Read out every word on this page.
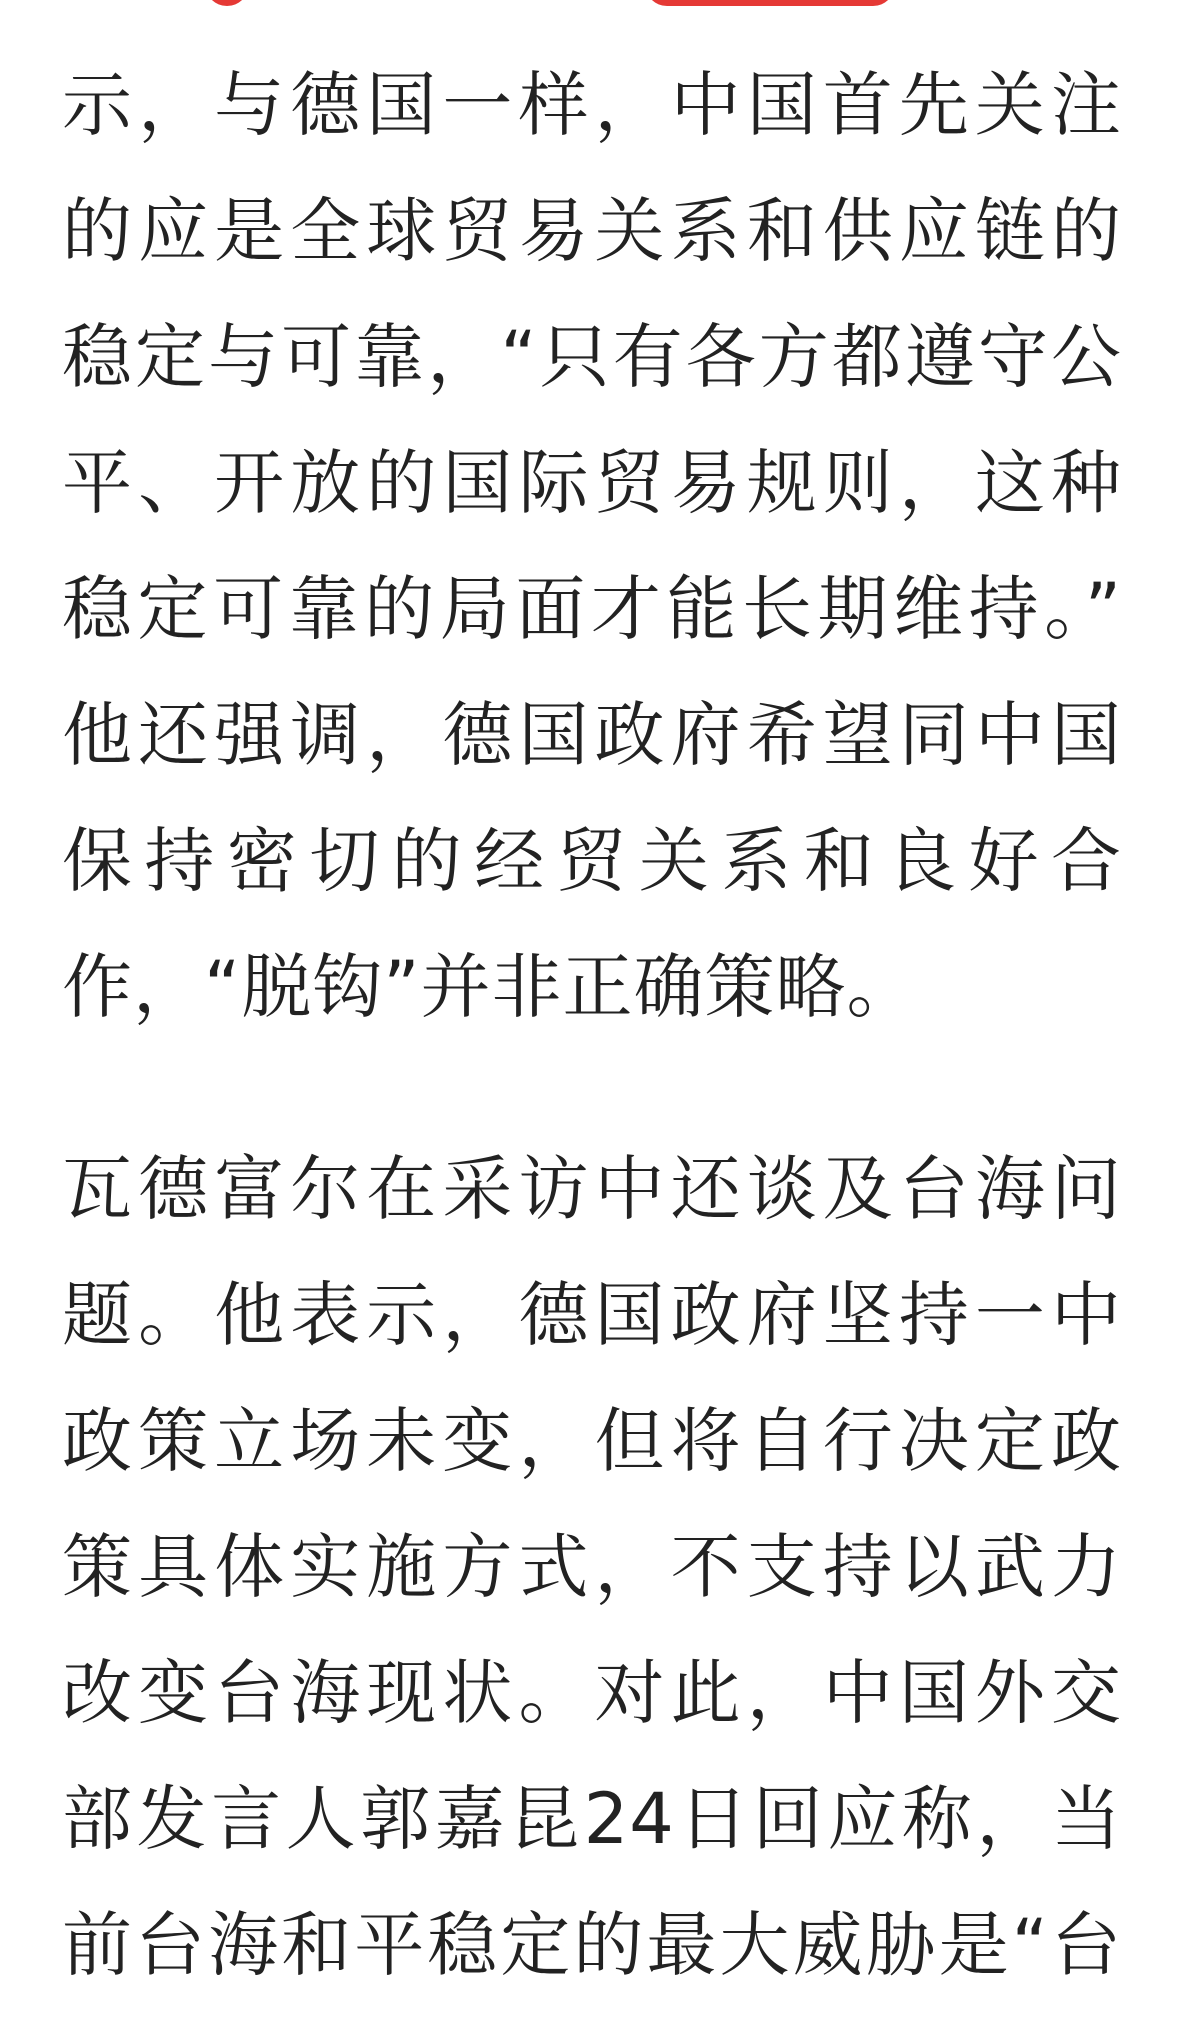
示，与德国一样，中国首先关注
的应是全球贸易关系和供应链的
稳定与可靠，“只有各方都遵守公
平、开放的国际贸易规则，这种
稳定可靠的局面才能长期维持。”
他还强调，德国政府希望同中国
保持密切的经贸关系和良好合
作，“脱钩”并非正确策略。
瓦德富尔在采访中还谈及台海问
题。他表示，德国政府坚持一中
政策立场未变，但将自行决定政
策具体实施方式，不支持以武力
改变台海现状。对此，中国外交
部发言人郭嘉昆24日回应称，当
前台海和平稳定的最大威胁是“台
